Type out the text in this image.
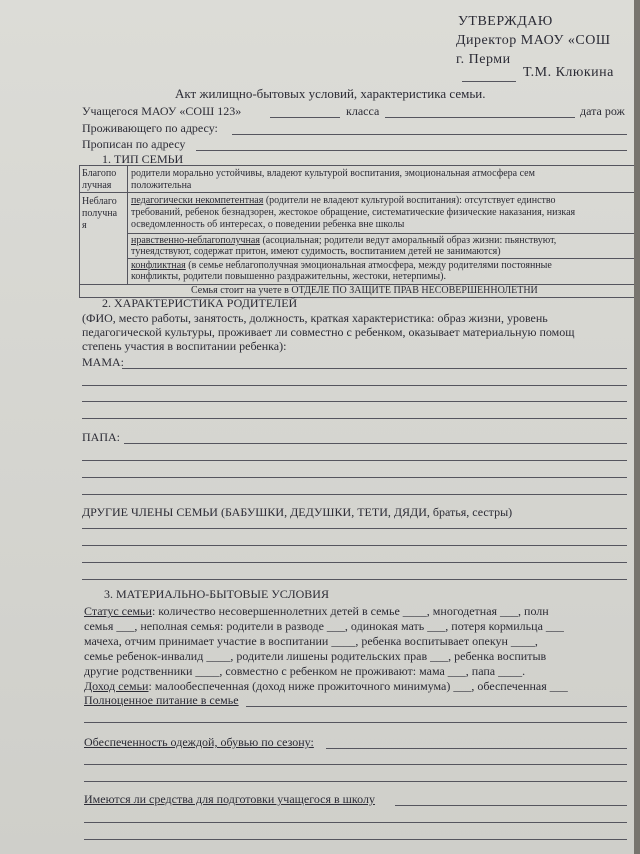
УТВЕРЖДАЮ
Директор МАОУ «СОШ
г. Перми
Т.М. Клюкина
Акт жилищно-бытовых условий, характеристика семьи.
Учащегося МАОУ «СОШ 123»	класса	дата рож
Проживающего по адресу:
Прописан по адресу
1. ТИП СЕМЬИ
Благопо
лучная
родители морально устойчивы, владеют культурой воспитания, эмоциональная атмосфера сем
положительна
Неблаго
получна
я
педагогически некомпетентная (родители не владеют культурой воспитания): отсутствует единство
требований, ребенок безнадзорен, жестокое обращение, систематические физические наказания, низкая
осведомленность об интересах, о поведении ребенка вне школы
нравственно-неблагополучная (асоциальная; родители ведут аморальный образ жизни: пьянствуют,
тунеядствуют, содержат притон, имеют судимость, воспитанием детей не занимаются)
конфликтная (в семье неблагополучная эмоциональная атмосфера, между родителями постоянные
конфликты, родители повышенно раздражительны, жестоки, нетерпимы).
Семья стоит на учете в ОТДЕЛЕ ПО ЗАЩИТЕ ПРАВ НЕСОВЕРШЕННОЛЕТНИ
2. ХАРАКТЕРИСТИКА РОДИТЕЛЕЙ
(ФИО, место работы, занятость, должность, краткая характеристика: образ жизни, уровень
педагогической культуры, проживает ли совместно с ребенком, оказывает материальную помощ
степень участия в воспитании ребенка):
МАМА:
ПАПА:
ДРУГИЕ ЧЛЕНЫ СЕМЬИ (БАБУШКИ, ДЕДУШКИ, ТЕТИ, ДЯДИ, братья, сестры)
3. МАТЕРИАЛЬНО-БЫТОВЫЕ УСЛОВИЯ
Статус семьи: количество несовершеннолетних детей в семье ____, многодетная ___, полн
семья ___, неполная семья: родители в разводе ___, одинокая мать ___, потеря кормильца ___
мачеха, отчим принимает участие в воспитании ____, ребенка воспитывает опекун ____,
семье ребенок-инвалид ____, родители лишены родительских прав ___, ребенка воспитыв
другие родственники ____, совместно с ребенком не проживают: мама ___, папа ____.
Доход семьи: малообеспеченная (доход ниже прожиточного минимума) ___, обеспеченная ___
Полноценное питание в семье
Обеспеченность одеждой, обувью по сезону:
Имеются ли средства для подготовки учащегося в школу
